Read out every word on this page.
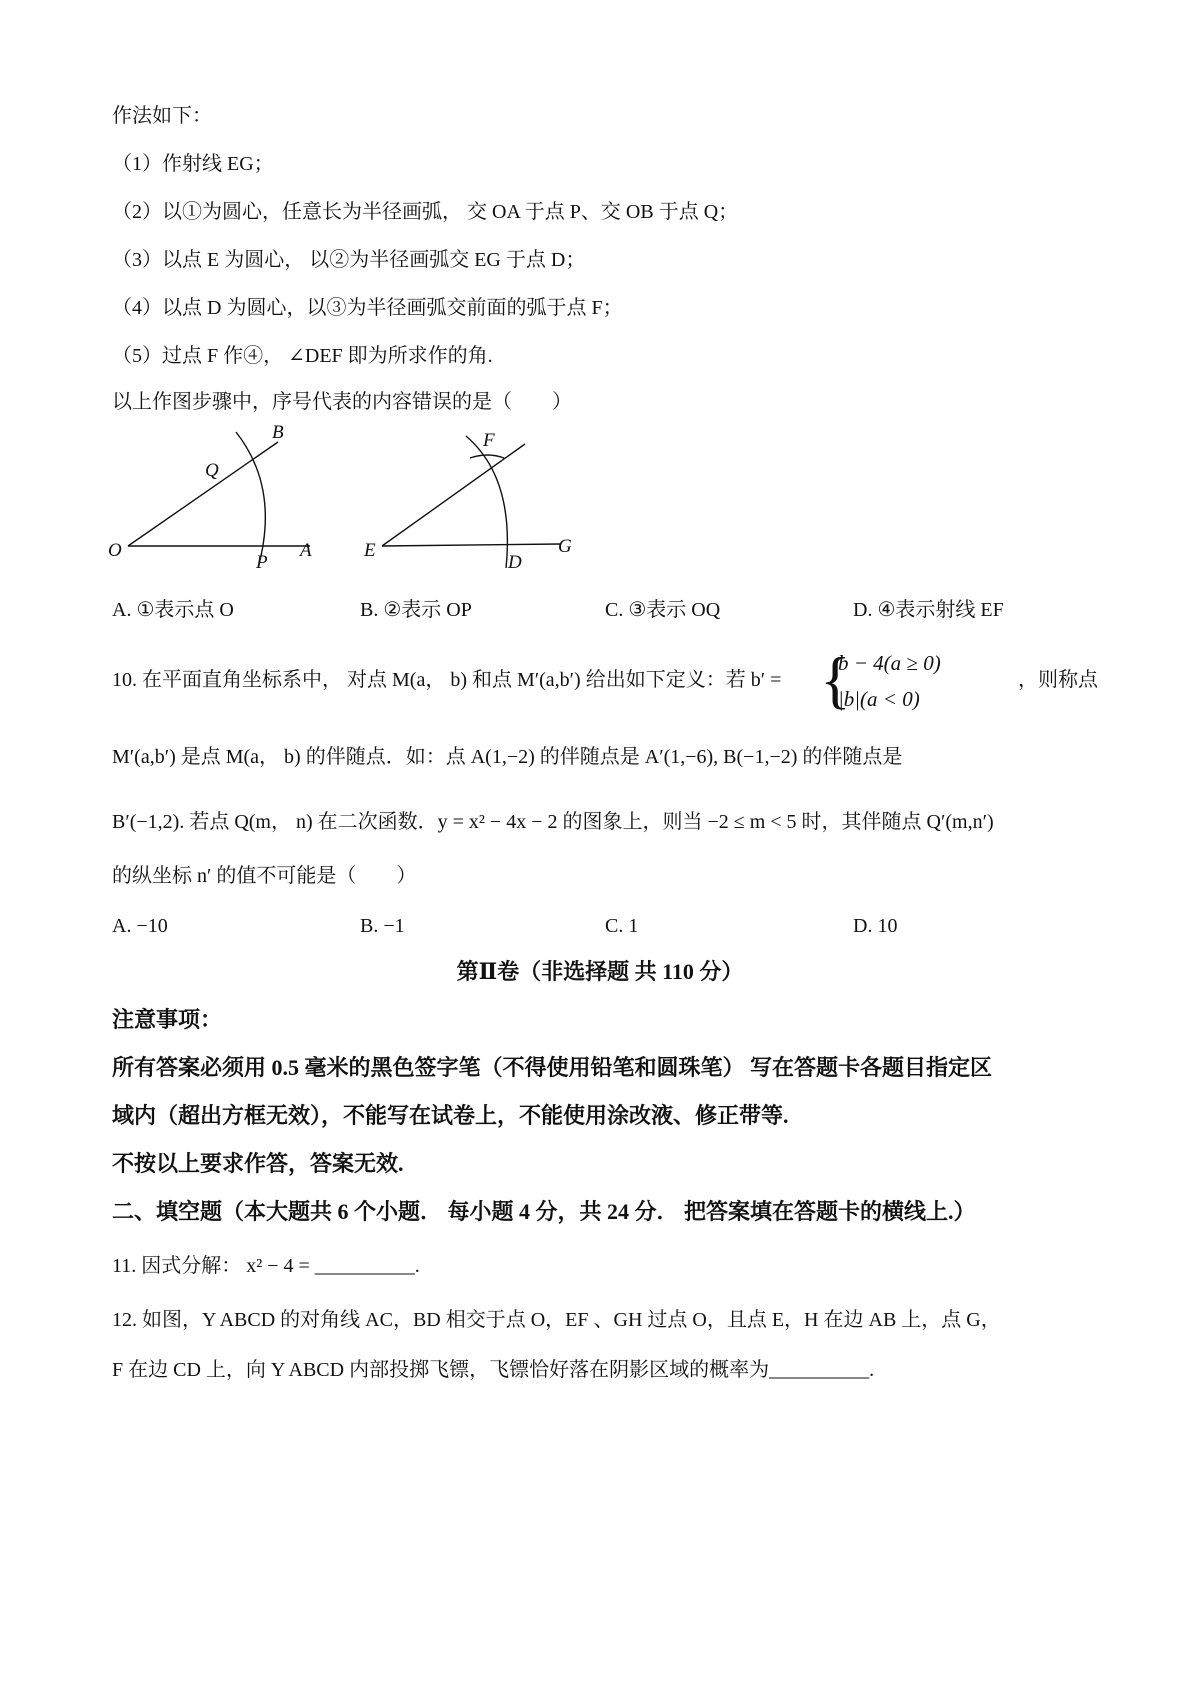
作法如下：
（1）作射线 EG；
（2）以①为圆心，任意长为半径画弧， 交 OA 于点 P、交 OB 于点 Q；
（3）以点 E 为圆心， 以②为半径画弧交 EG 于点 D；
（4）以点 D 为圆心，以③为半径画弧交前面的弧于点 F；
（5）过点 F 作④， ∠DEF 即为所求作的角.
以上作图步骤中，序号代表的内容错误的是（　　）
B
Q
O
P
A
F
E
D
G
A. ①表示点 O	B. ②表示 OP	C. ③表示 OQ	D. ④表示射线 EF
10. 在平面直角坐标系中， 对点 M(a， b) 和点 M′(a,b′) 给出如下定义：若 b′ = {
b − 4(a ≥ 0)
|b|(a < 0)
，则称点
M′(a,b′) 是点 M(a， b) 的伴随点．如：点 A(1,−2) 的伴随点是 A′(1,−6), B(−1,−2) 的伴随点是
B′(−1,2). 若点 Q(m， n) 在二次函数．y = x² − 4x − 2 的图象上，则当 −2 ≤ m < 5 时，其伴随点 Q′(m,n′)
的纵坐标 n′ 的值不可能是（　　）
A. −10	B. −1	C. 1	D. 10
第Ⅱ卷（非选择题 共 110 分）
注意事项：
所有答案必须用 0.5 毫米的黑色签字笔（不得使用铅笔和圆珠笔） 写在答题卡各题目指定区
域内（超出方框无效），不能写在试卷上，不能使用涂改液、修正带等.
不按以上要求作答，答案无效.
二、填空题（本大题共 6 个小题． 每小题 4 分，共 24 分． 把答案填在答题卡的横线上.）
11. 因式分解： x² − 4 = __________.
12. 如图，Y ABCD 的对角线 AC，BD 相交于点 O，EF 、GH 过点 O，且点 E，H 在边 AB 上，点 G，
F 在边 CD 上，向 Y ABCD 内部投掷飞镖，飞镖恰好落在阴影区域的概率为__________.
